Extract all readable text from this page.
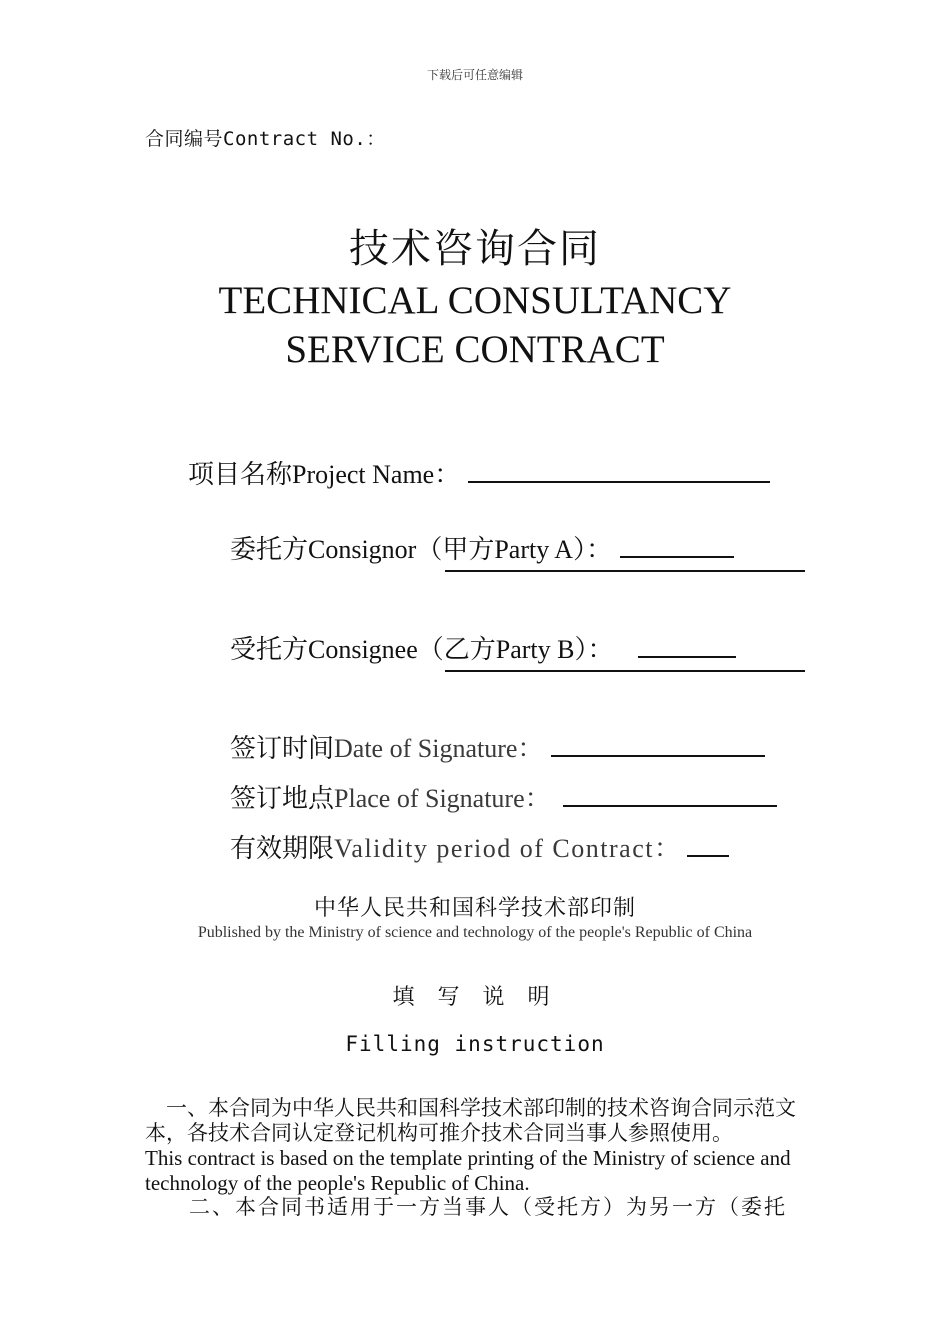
下载后可任意编辑
合同编号Contract No.：
技术咨询合同
TECHNICAL CONSULTANCY
SERVICE CONTRACT
项目名称Project Name：
委托方Consignor（甲方Party A）：
受托方Consignee（乙方Party B）：
签订时间Date of Signature：
签订地点Place of Signature：
有效期限Validity period of Contract：
中华人民共和国科学技术部印制
Published by the Ministry of science and technology of the people's Republic of China
填 写 说 明
Filling instruction
一、本合同为中华人民共和国科学技术部印制的技术咨询合同示范文本，各技术合同认定登记机构可推介技术合同当事人参照使用。
This contract is based on the template printing of the Ministry of science and technology of the people's Republic of China.
二、本合同书适用于一方当事人（受托方）为另一方（委托
